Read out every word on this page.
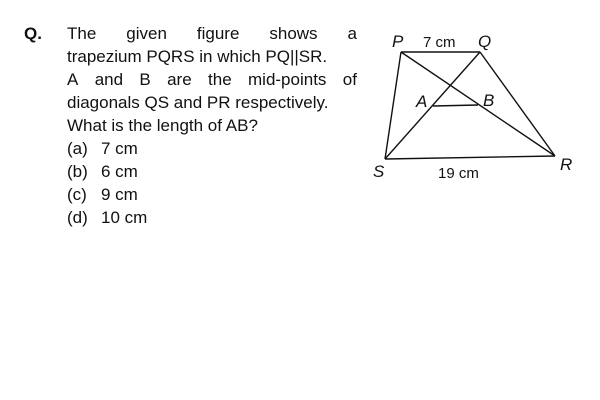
Q. The given figure shows a
trapezium PQRS in which PQ||SR.
A and B are the mid-points of
diagonals QS and PR respectively.
What is the length of AB?
(a) 7 cm
(b) 6 cm
(c) 9 cm
(d) 10 cm
P	Q
R
S
A	B
7 cm
19 cm
